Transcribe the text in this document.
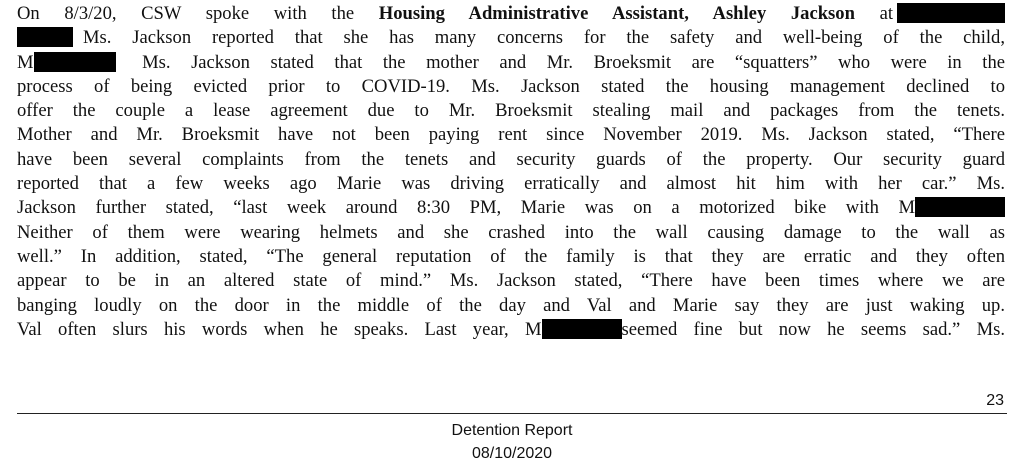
On 8/3/20, CSW spoke with the Housing Administrative Assistant, Ashley Jackson at
Ms. Jackson reported that she has many concerns for the safety and well-being of the child,
M	Ms. Jackson stated that the mother and Mr. Broeksmit are “squatters” who were in the
process of being evicted prior to COVID-19. Ms. Jackson stated the housing management declined to
offer the couple a lease agreement due to Mr. Broeksmit stealing mail and packages from the tenets.
Mother and Mr. Broeksmit have not been paying rent since November 2019. Ms. Jackson stated, “There
have been several complaints from the tenets and security guards of the property. Our security guard
reported that a few weeks ago Marie was driving erratically and almost hit him with her car.” Ms.
Jackson further stated, “last week around 8:30 PM, Marie was on a motorized bike with M
Neither of them were wearing helmets and she crashed into the wall causing damage to the wall as
well.” In addition, stated, “The general reputation of the family is that they are erratic and they often
appear to be in an altered state of mind.” Ms. Jackson stated, “There have been times where we are
banging loudly on the door in the middle of the day and Val and Marie say they are just waking up.
Val often slurs his words when he speaks. Last year, M	seemed fine but now he seems sad.” Ms.
23
Detention Report
08/10/2020
